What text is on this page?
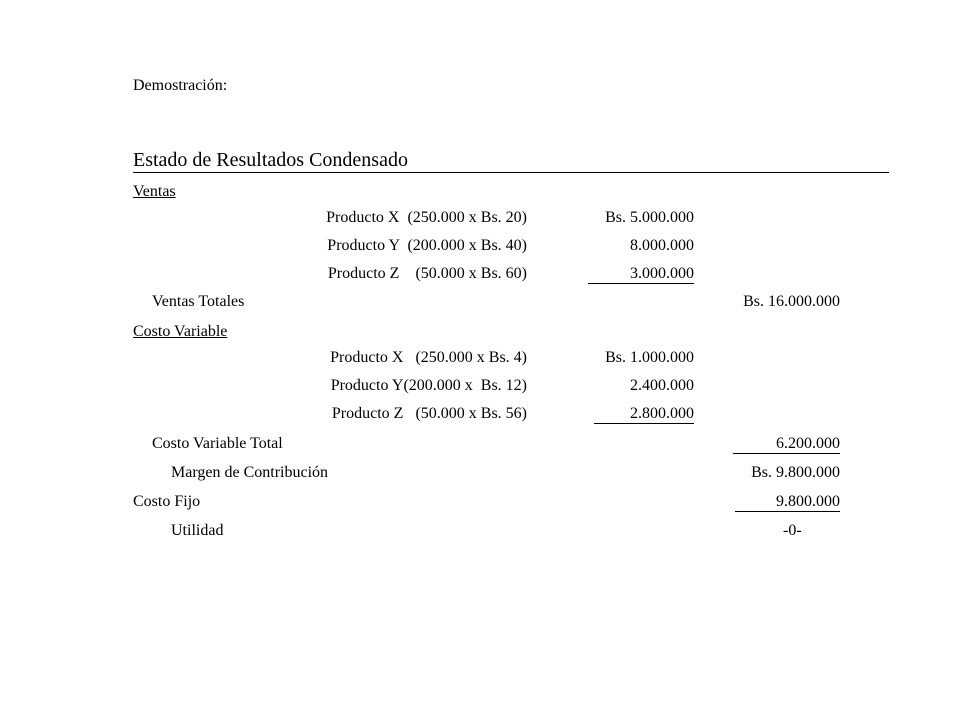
Demostración:
Estado de Resultados Condensado
Ventas
Producto X  (250.000 x Bs. 20)	Bs. 5.000.000
Producto Y  (200.000 x Bs. 40)	8.000.000
Producto Z    (50.000 x Bs. 60)	3.000.000
Ventas Totales	Bs. 16.000.000
Costo Variable
Producto X   (250.000 x Bs. 4)	Bs. 1.000.000
Producto Y(200.000 x  Bs. 12)	2.400.000
Producto Z   (50.000 x Bs. 56)	2.800.000
Costo Variable Total	6.200.000
Margen de Contribución	Bs. 9.800.000
Costo Fijo	9.800.000
Utilidad	-0-
